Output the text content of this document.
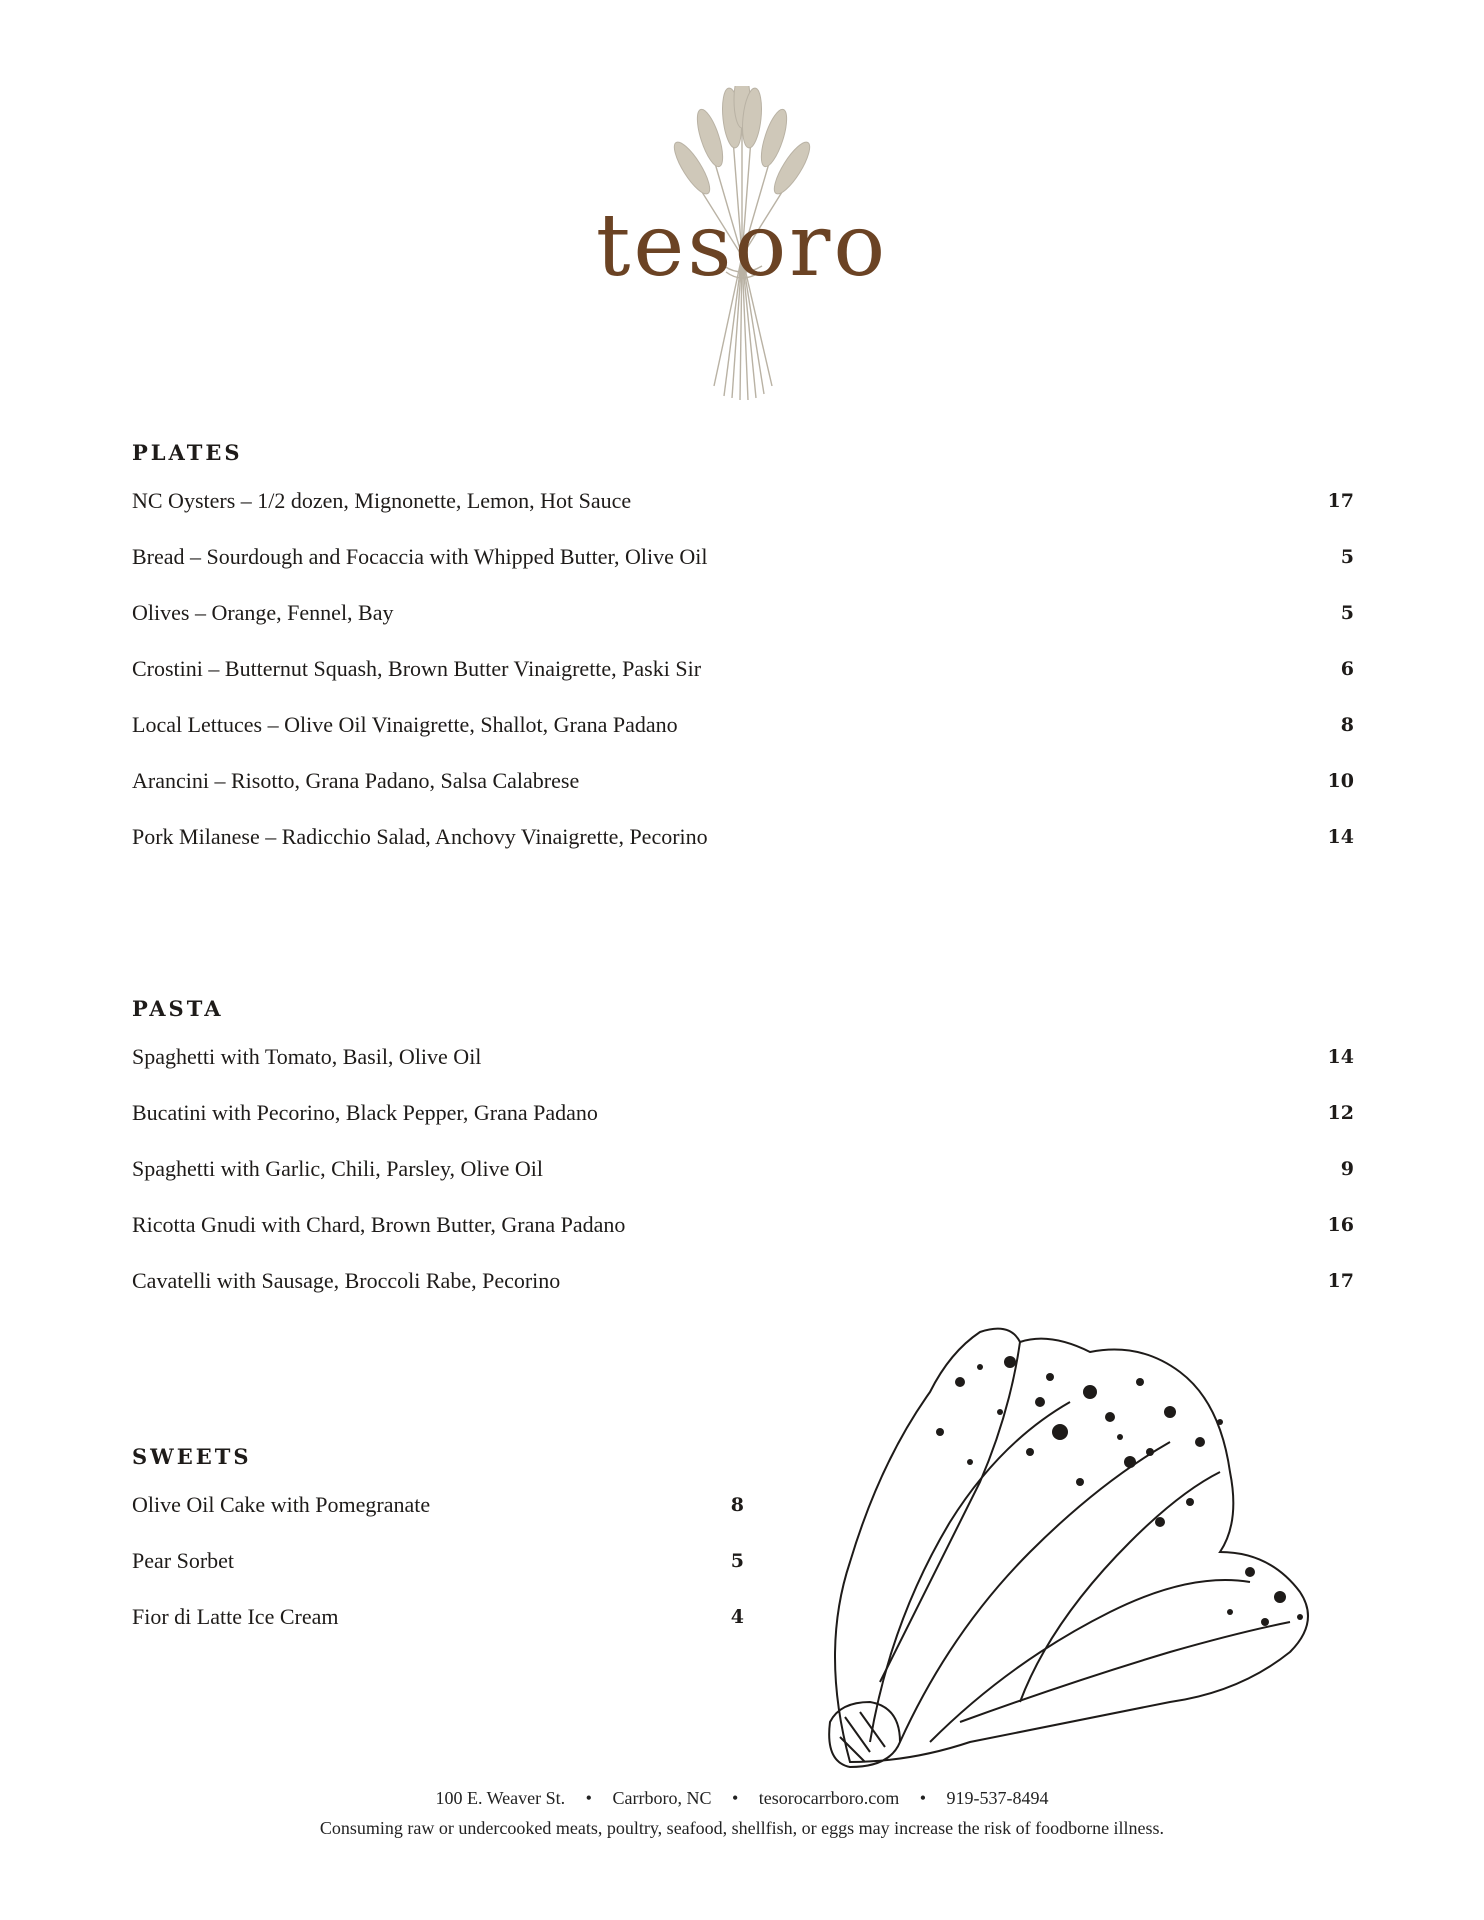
tesoro
PLATES
NC Oysters – 1/2 dozen, Mignonette, Lemon, Hot Sauce	17
Bread – Sourdough and Focaccia with Whipped Butter, Olive Oil	5
Olives – Orange, Fennel, Bay	5
Crostini – Butternut Squash, Brown Butter Vinaigrette, Paski Sir	6
Local Lettuces – Olive Oil Vinaigrette, Shallot, Grana Padano	8
Arancini – Risotto, Grana Padano, Salsa Calabrese	10
Pork Milanese – Radicchio Salad, Anchovy Vinaigrette, Pecorino	14
PASTA
Spaghetti with Tomato, Basil, Olive Oil	14
Bucatini with Pecorino, Black Pepper, Grana Padano	12
Spaghetti with Garlic, Chili, Parsley, Olive Oil	9
Ricotta Gnudi with Chard, Brown Butter, Grana Padano	16
Cavatelli with Sausage, Broccoli Rabe, Pecorino	17
SWEETS
Olive Oil Cake with Pomegranate	8
Pear Sorbet	5
Fior di Latte Ice Cream	4
100 E. Weaver St. • Carrboro, NC • tesorocarrboro.com • 919-537-8494
Consuming raw or undercooked meats, poultry, seafood, shellfish, or eggs may increase the risk of foodborne illness.
